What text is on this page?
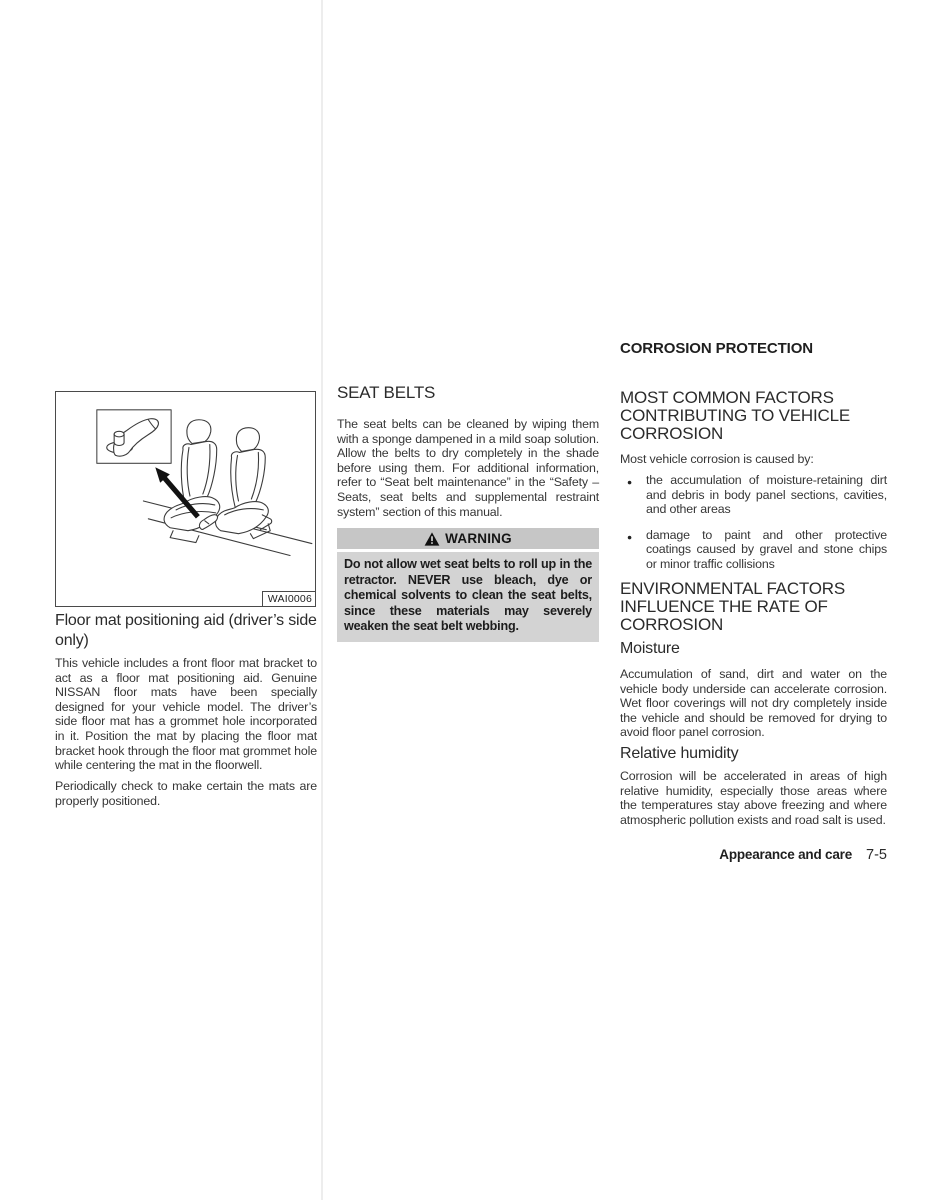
WAI0006
Floor mat positioning aid (driver’s side only)
This vehicle includes a front floor mat bracket to act as a floor mat positioning aid. Genuine NISSAN floor mats have been specially designed for your vehicle model. The driver’s side floor mat has a grommet hole incorporated in it. Position the mat by placing the floor mat bracket hook through the floor mat grommet hole while centering the mat in the floorwell.
Periodically check to make certain the mats are properly positioned.
SEAT BELTS
The seat belts can be cleaned by wiping them with a sponge dampened in a mild soap solution. Allow the belts to dry completely in the shade before using them. For additional information, refer to “Seat belt maintenance” in the “Safety – Seats, seat belts and supplemental restraint system” section of this manual.
WARNING
Do not allow wet seat belts to roll up in the retractor. NEVER use bleach, dye or chemical solvents to clean the seat belts, since these materials may severely weaken the seat belt webbing.
CORROSION PROTECTION
MOST COMMON FACTORS CONTRIBUTING TO VEHICLE CORROSION
Most vehicle corrosion is caused by:
● the accumulation of moisture-retaining dirt and debris in body panel sections, cavities, and other areas
● damage to paint and other protective coatings caused by gravel and stone chips or minor traffic collisions
ENVIRONMENTAL FACTORS INFLUENCE THE RATE OF CORROSION
Moisture
Accumulation of sand, dirt and water on the vehicle body underside can accelerate corrosion. Wet floor coverings will not dry completely inside the vehicle and should be removed for drying to avoid floor panel corrosion.
Relative humidity
Corrosion will be accelerated in areas of high relative humidity, especially those areas where the temperatures stay above freezing and where atmospheric pollution exists and road salt is used.
Appearance and care 7-5
